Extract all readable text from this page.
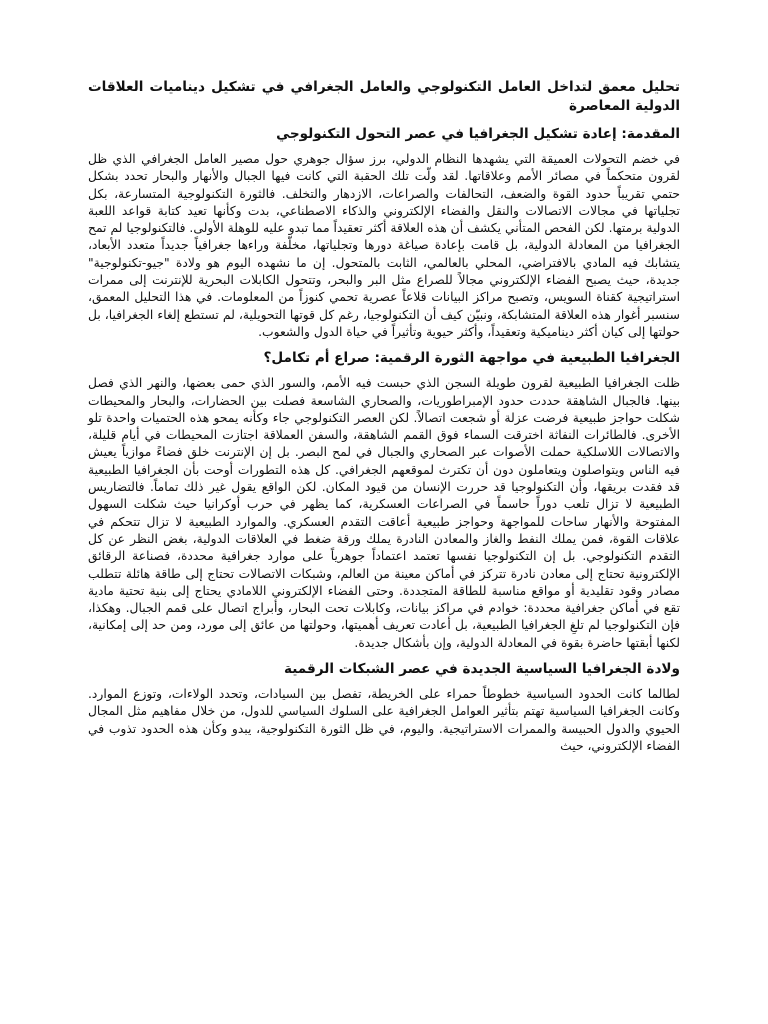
تحليل معمق لتداخل العامل التكنولوجي والعامل الجغرافي في تشكيل ديناميات العلاقات الدولية المعاصرة
المقدمة: إعادة تشكيل الجغرافيا في عصر التحول التكنولوجي

في خضم التحولات العميقة التي يشهدها النظام الدولي، برز سؤال جوهري حول مصير العامل الجغرافي الذي ظل لقرون متحكماً في مصائر الأمم وعلاقاتها. لقد ولّت تلك الحقبة التي كانت فيها الجبال والأنهار والبحار تحدد بشكل حتمي تقريباً حدود القوة والضعف، التحالفات والصراعات، الازدهار والتخلف. فالثورة التكنولوجية المتسارعة، بكل تجلياتها في مجالات الاتصالات والنقل والفضاء الإلكتروني والذكاء الاصطناعي، بدت وكأنها تعيد كتابة قواعد اللعبة الدولية برمتها. لكن الفحص المتأني يكشف أن هذه العلاقة أكثر تعقيداً مما تبدو عليه للوهلة الأولى. فالتكنولوجيا لم تمح الجغرافيا من المعادلة الدولية، بل قامت بإعادة صياغة دورها وتجلياتها، مخلّفة وراءها جغرافياً جديداً متعدد الأبعاد، يتشابك فيه المادي بالافتراضي، المحلي بالعالمي، الثابت بالمتحول. إن ما نشهده اليوم هو ولادة "جيو-تكنولوجية" جديدة، حيث يصبح الفضاء الإلكتروني مجالاً للصراع مثل البر والبحر، وتتحول الكابلات البحرية للإنترنت إلى ممرات استراتيجية كقناة السويس، وتصبح مراكز البيانات قلاعاً عصرية تحمي كنوزاً من المعلومات. في هذا التحليل المعمق، سنسبر أغوار هذه العلاقة المتشابكة، ونبيّن كيف أن التكنولوجيا، رغم كل قوتها التحويلية، لم تستطع إلغاء الجغرافيا، بل حولتها إلى كيان أكثر ديناميكية وتعقيداً، وأكثر حيوية وتأثيراً في حياة الدول والشعوب.

الجغرافيا الطبيعية في مواجهة الثورة الرقمية: صراع أم تكامل؟

ظلت الجغرافيا الطبيعية لقرون طويلة السجن الذي حبست فيه الأمم، والسور الذي حمى بعضها، والنهر الذي فصل بينها. فالجبال الشاهقة حددت حدود الإمبراطوريات، والصحاري الشاسعة فصلت بين الحضارات، والبحار والمحيطات شكلت حواجز طبيعية فرضت عزلة أو شجعت اتصالاً. لكن العصر التكنولوجي جاء وكأنه يمحو هذه الحتميات واحدة تلو الأخرى. فالطائرات النفاثة اخترقت السماء فوق القمم الشاهقة، والسفن العملاقة اجتازت المحيطات في أيام قليلة، والاتصالات اللاسلكية حملت الأصوات عبر الصحاري والجبال في لمح البصر. بل إن الإنترنت خلق فضاءً موازياً يعيش فيه الناس ويتواصلون ويتعاملون دون أن تكترث لموقعهم الجغرافي. كل هذه التطورات أوحت بأن الجغرافيا الطبيعية قد فقدت بريقها، وأن التكنولوجيا قد حررت الإنسان من قيود المكان. لكن الواقع يقول غير ذلك تماماً. فالتضاريس الطبيعية لا تزال تلعب دوراً حاسماً في الصراعات العسكرية، كما يظهر في حرب أوكرانيا حيث شكلت السهول المفتوحة والأنهار ساحات للمواجهة وحواجز طبيعية أعاقت التقدم العسكري. والموارد الطبيعية لا تزال تتحكم في علاقات القوة، فمن يملك النفط والغاز والمعادن النادرة يملك ورقة ضغط في العلاقات الدولية، بغض النظر عن كل التقدم التكنولوجي. بل إن التكنولوجيا نفسها تعتمد اعتماداً جوهرياً على موارد جغرافية محددة، فصناعة الرقائق الإلكترونية تحتاج إلى معادن نادرة تتركز في أماكن معينة من العالم، وشبكات الاتصالات تحتاج إلى طاقة هائلة تتطلب مصادر وقود تقليدية أو مواقع مناسبة للطاقة المتجددة. وحتى الفضاء الإلكتروني اللامادي يحتاج إلى بنية تحتية مادية تقع في أماكن جغرافية محددة: خوادم في مراكز بيانات، وكابلات تحت البحار، وأبراج اتصال على قمم الجبال. وهكذا، فإن التكنولوجيا لم تلغِ الجغرافيا الطبيعية، بل أعادت تعريف أهميتها، وحولتها من عائق إلى مورد، ومن حد إلى إمكانية، لكنها أبقتها حاضرة بقوة في المعادلة الدولية، وإن بأشكال جديدة.

ولادة الجغرافيا السياسية الجديدة في عصر الشبكات الرقمية

لطالما كانت الحدود السياسية خطوطاً حمراء على الخريطة، تفصل بين السيادات، وتحدد الولاءات، وتوزع الموارد. وكانت الجغرافيا السياسية تهتم بتأثير العوامل الجغرافية على السلوك السياسي للدول، من خلال مفاهيم مثل المجال الحيوي والدول الحبيسة والممرات الاستراتيجية. واليوم، في ظل الثورة التكنولوجية، يبدو وكأن هذه الحدود تذوب في الفضاء الإلكتروني، حيث
